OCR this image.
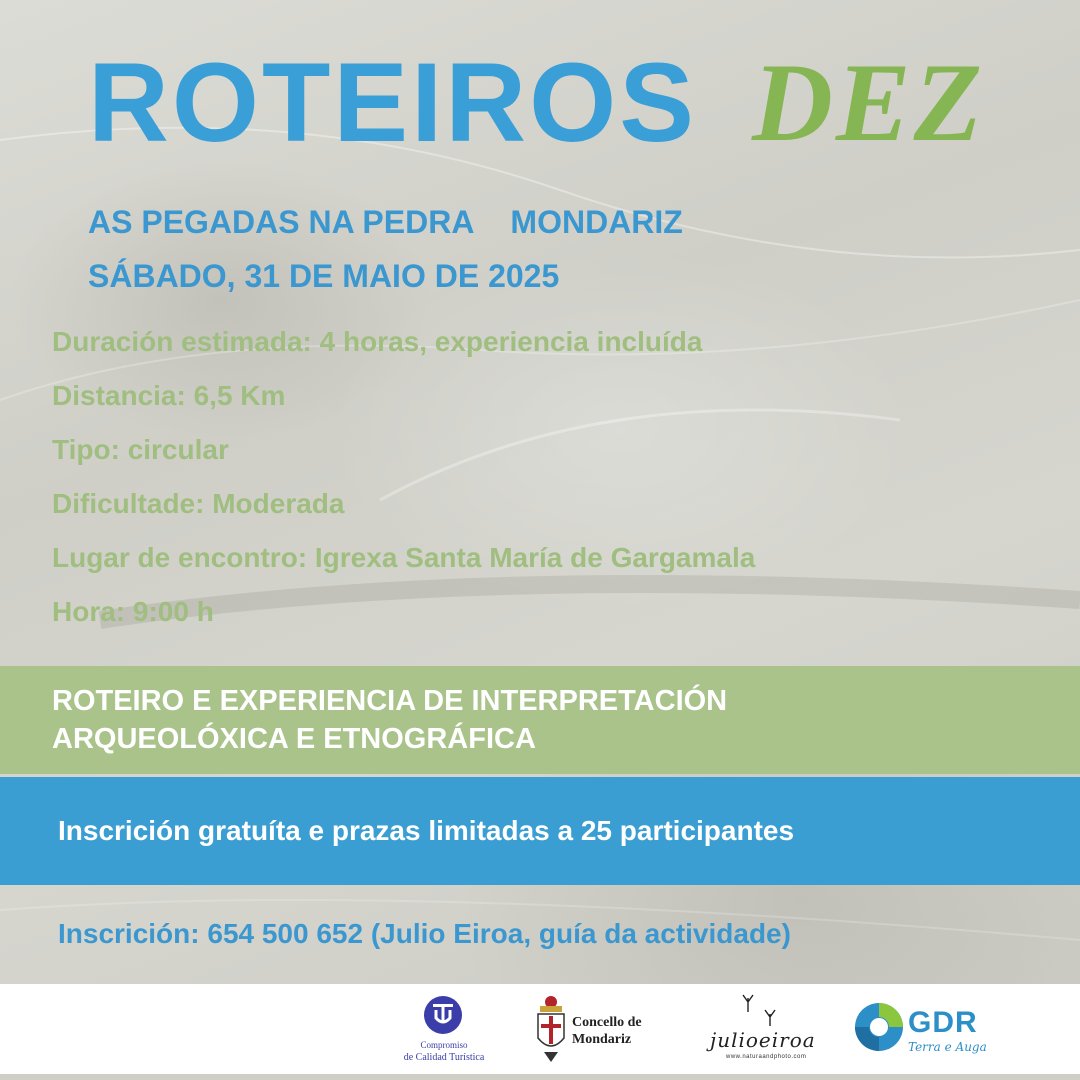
ROTEIROS DEZ
AS PEGADAS NA PEDRA MONDARIZ
SÁBADO, 31 DE MAIO DE 2025
Duración estimada: 4 horas, experiencia incluída
Distancia: 6,5 Km
Tipo: circular
Dificultade: Moderada
Lugar de encontro: Igrexa Santa María de Gargamala
Hora: 9:00 h
ROTEIRO E EXPERIENCIA DE INTERPRETACIÓN
ARQUEOLÓXICA E ETNOGRÁFICA
Inscrición gratuíta e prazas limitadas a 25 participantes
Inscrición: 654 500 652 (Julio Eiroa, guía da actividade)
Compromiso
de Calidad Turística
Concello de
Mondariz	julioeiroa
www.naturaandphoto.com
GDR
Terra e Auga
